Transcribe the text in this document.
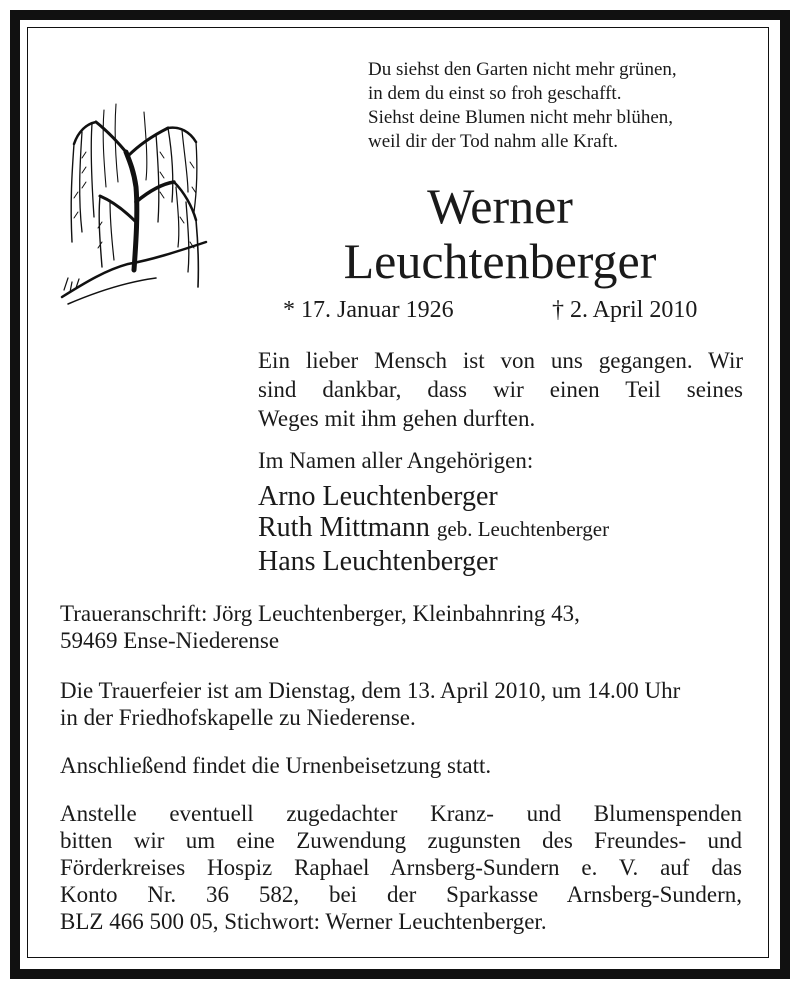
Du siehst den Garten nicht mehr grünen,
in dem du einst so froh geschafft.
Siehst deine Blumen nicht mehr blühen,
weil dir der Tod nahm alle Kraft.
Werner
Leuchtenberger
* 17. Januar 1926	† 2. April 2010
Ein lieber Mensch ist von uns gegangen. Wir
sind dankbar, dass wir einen Teil seines
Weges mit ihm gehen durften.
Im Namen aller Angehörigen:
Arno Leuchtenberger
Ruth Mittmann geb. Leuchtenberger
Hans Leuchtenberger
Traueranschrift: Jörg Leuchtenberger, Kleinbahnring 43,
59469 Ense-Niederense
Die Trauerfeier ist am Dienstag, dem 13. April 2010, um 14.00 Uhr
in der Friedhofskapelle zu Niederense.
Anschließend findet die Urnenbeisetzung statt.
Anstelle eventuell zugedachter Kranz- und Blumenspenden
bitten wir um eine Zuwendung zugunsten des Freundes- und
Förderkreises Hospiz Raphael Arnsberg-Sundern e. V. auf das
Konto Nr. 36 582, bei der Sparkasse Arnsberg-Sundern,
BLZ 466 500 05, Stichwort: Werner Leuchtenberger.
